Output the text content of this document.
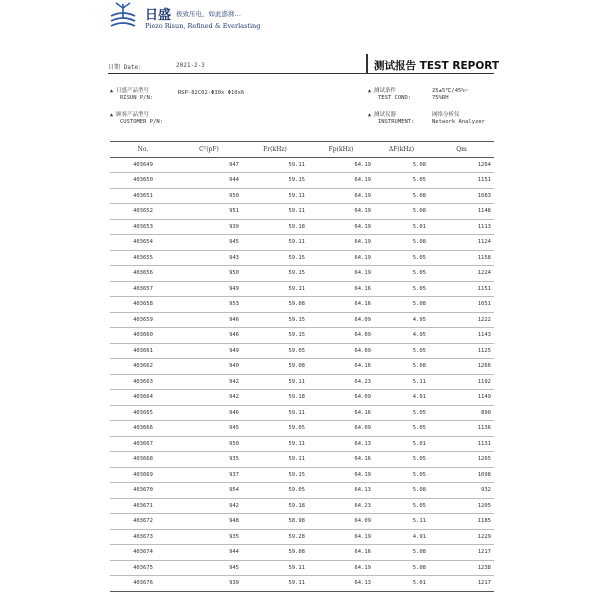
日盛 极致压电，如此澎湃…
Piezo Risun, Refined & Everlasting
日期 Date:	2021-2-3	测试报告 TEST REPORT
▲ 日盛产品型号
RISUN P/N:
RSP-82C02-Φ30x Φ10x6
▲ 顾客产品型号
CUSTOMER P/N:
▲ 测试条件
TEST COND:
25±5℃/45%~
75%RH
▲ 测试仪器
INSTRUMENT:
网络分析仪
Network Analyzer
No.	Cᵀ(pF)	Fr(kHz)	Fp(kHz)	ΔF(kHz)	Qm
403649	947	59.11	64.19	5.08	1264
403650	944	59.15	64.19	5.05	1151
403651	950	59.11	64.19	5.08	1083
403652	951	59.11	64.19	5.08	1148
403653	939	59.18	64.19	5.01	1113
403654	945	59.11	64.19	5.08	1124
403655	943	59.15	64.19	5.05	1158
403656	950	59.15	64.19	5.05	1224
403657	949	59.11	64.16	5.05	1151
403658	953	59.08	64.16	5.08	1051
403659	946	59.15	64.09	4.95	1222
403660	946	59.15	64.09	4.95	1143
403661	949	59.05	64.09	5.05	1125
403662	940	59.08	64.16	5.08	1266
403663	942	59.11	64.23	5.11	1192
403664	942	59.18	64.09	4.91	1149
403665	946	59.11	64.16	5.05	890
403666	945	59.05	64.09	5.05	1136
403667	950	59.11	64.13	5.01	1131
403668	935	59.11	64.16	5.05	1265
403669	937	59.15	64.19	5.05	1098
403670	954	59.05	64.13	5.08	932
403671	942	59.18	64.23	5.05	1205
403672	948	58.98	64.09	5.11	1185
403673	935	59.28	64.19	4.91	1229
403674	944	59.08	64.16	5.08	1217
403675	945	59.11	64.19	5.08	1238
403676	939	59.11	64.13	5.01	1217
